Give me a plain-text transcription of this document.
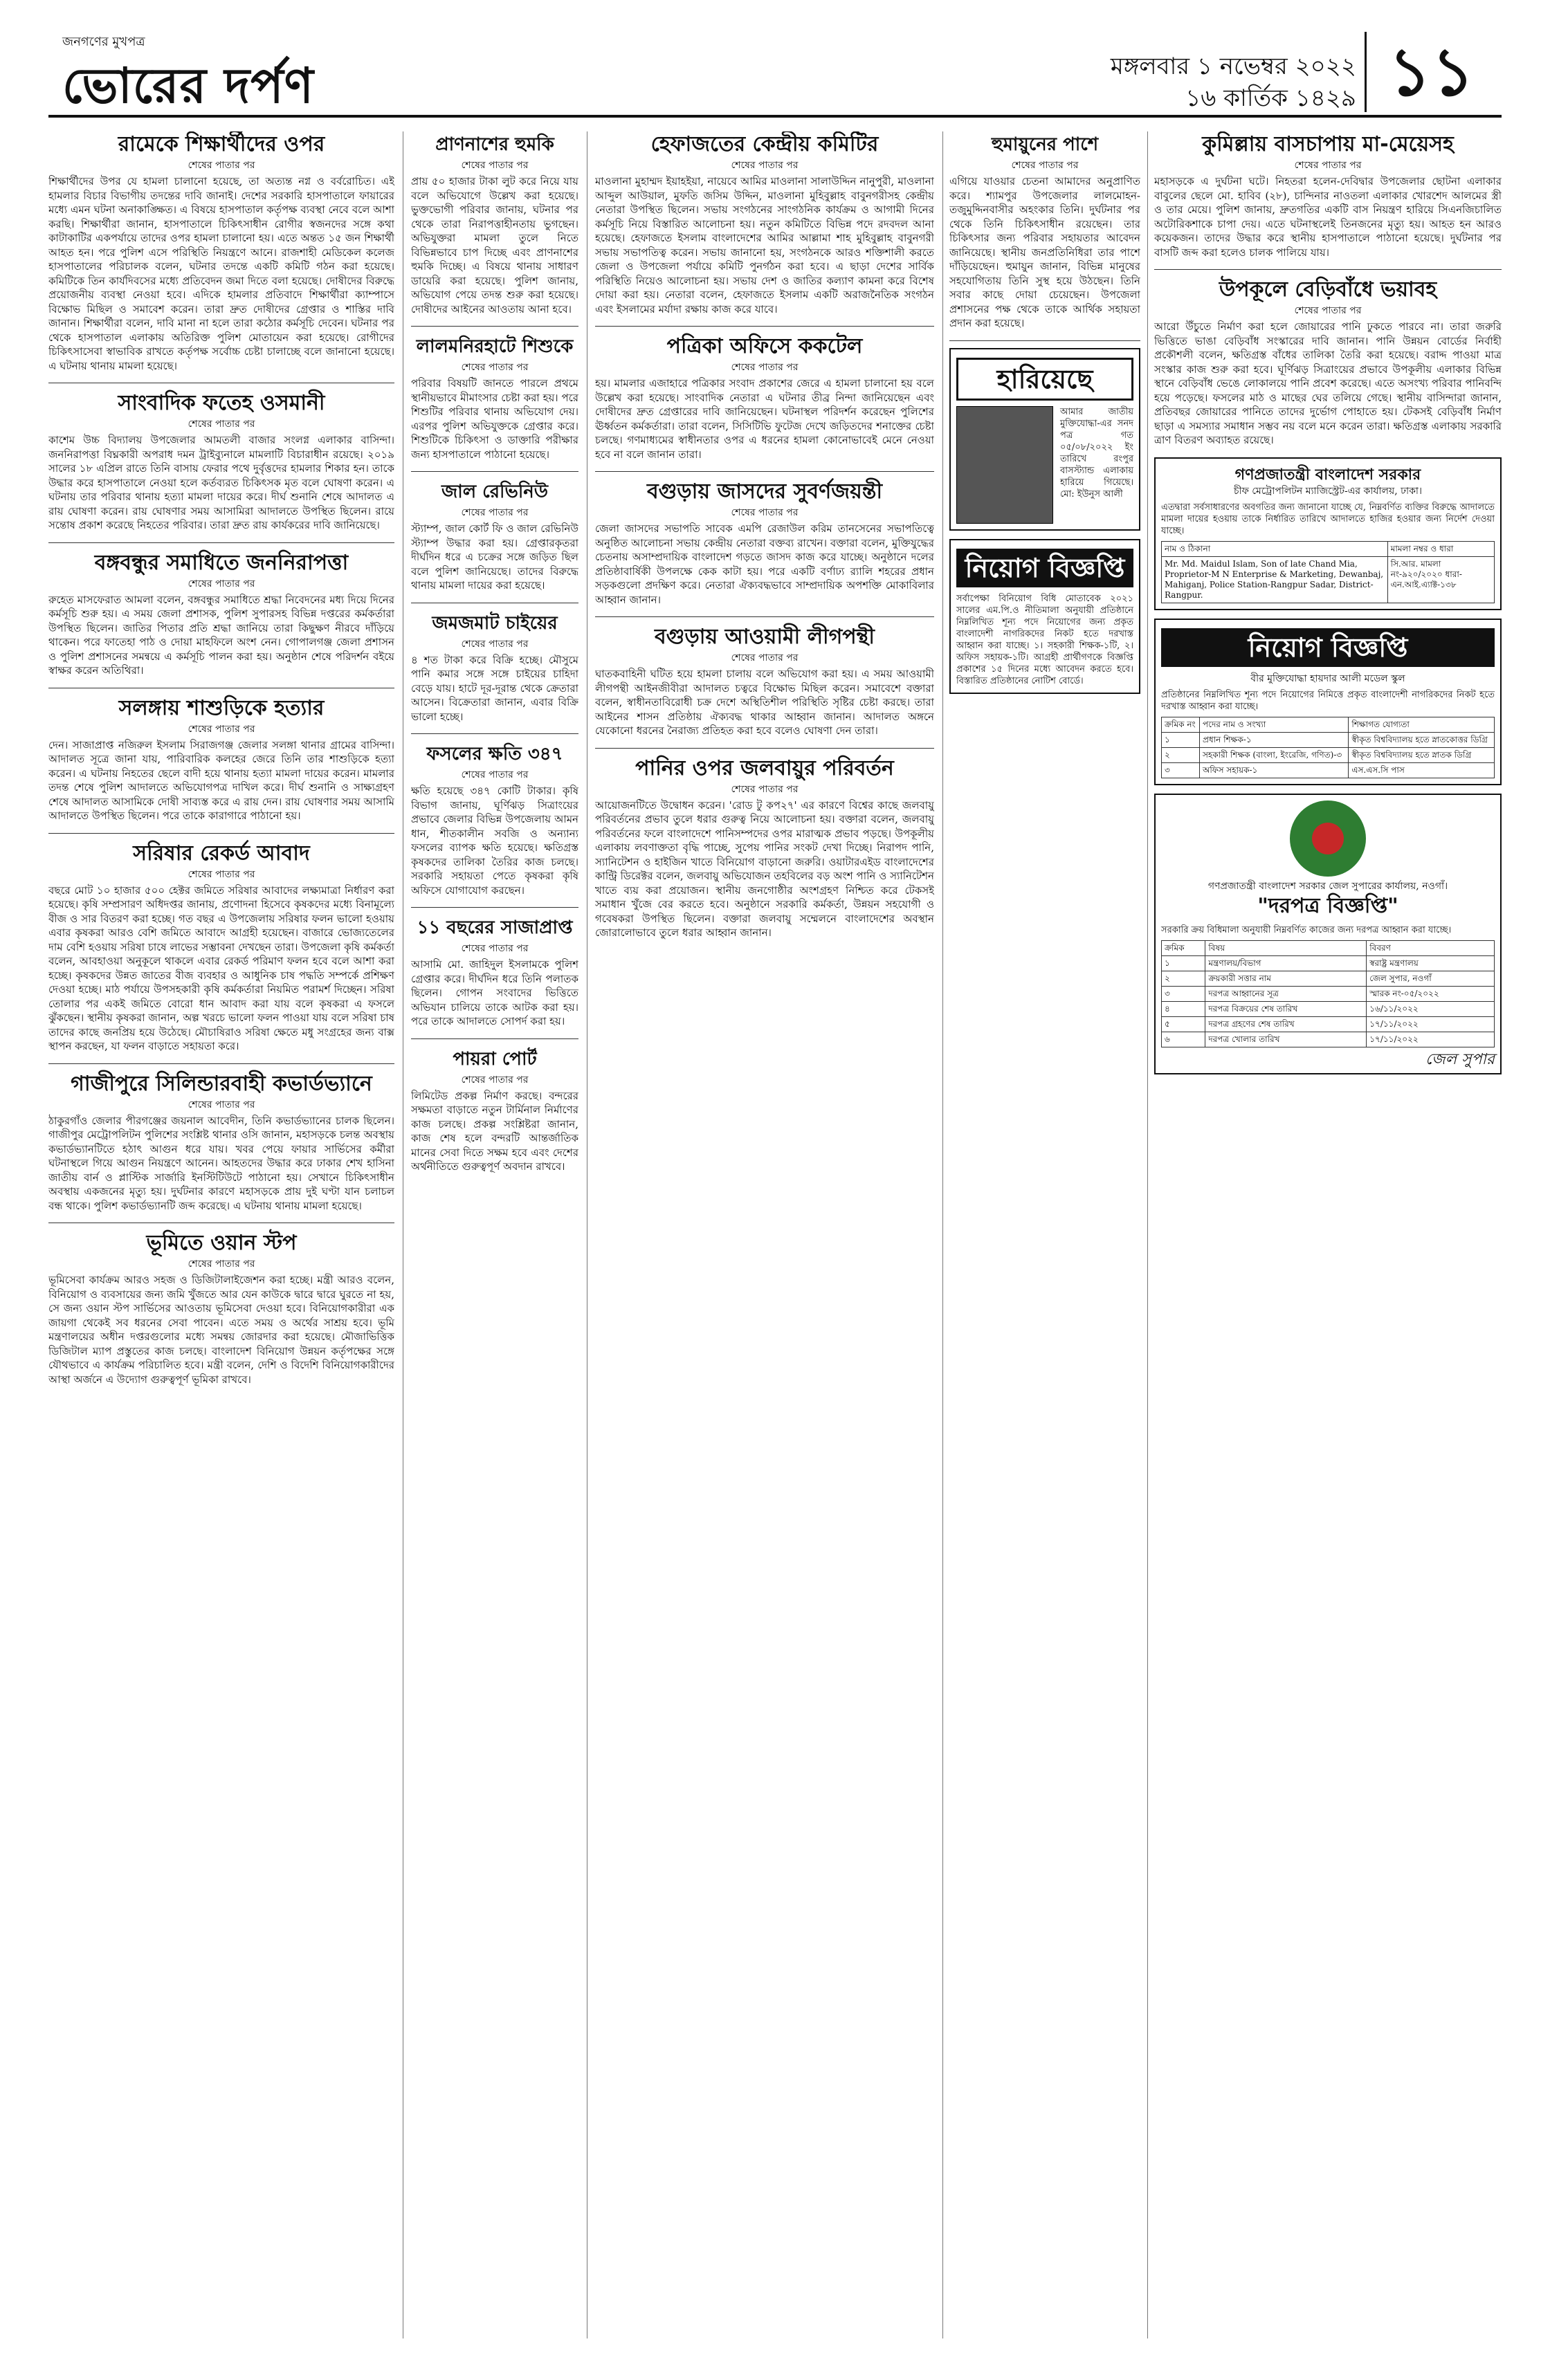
জনগণের মুখপত্র
ভোরের দর্পণ	মঙ্গলবার ১ নভেম্বর ২০২২
১৬ কার্তিক ১৪২৯ ১১
রামেকে শিক্ষার্থীদের ওপর
শেষের পাতার পর
শিক্ষার্থীদের উপর যে হামলা চালানো হয়েছে, তা অত্যন্ত নগ্ন ও বর্বরোচিত। এই হামলার বিচার বিভাগীয় তদন্তের দাবি জানাই। দেশের সরকারি হাসপাতালে ফায়ারের মধ্যে এমন ঘটনা অনাকাঙ্ক্ষিত। এ বিষয়ে হাসপাতাল কর্তৃপক্ষ ব্যবস্থা নেবে বলে আশা করছি। শিক্ষার্থীরা জানান, হাসপাতালে চিকিৎসাধীন রোগীর স্বজনদের সঙ্গে কথা কাটাকাটির একপর্যায়ে তাদের ওপর হামলা চালানো হয়। এতে অন্তত ১৫ জন শিক্ষার্থী আহত হন। পরে পুলিশ এসে পরিস্থিতি নিয়ন্ত্রণে আনে। রাজশাহী মেডিকেল কলেজ হাসপাতালের পরিচালক বলেন, ঘটনার তদন্তে একটি কমিটি গঠন করা হয়েছে। কমিটিকে তিন কার্যদিবসের মধ্যে প্রতিবেদন জমা দিতে বলা হয়েছে। দোষীদের বিরুদ্ধে প্রয়োজনীয় ব্যবস্থা নেওয়া হবে। এদিকে হামলার প্রতিবাদে শিক্ষার্থীরা ক্যাম্পাসে বিক্ষোভ মিছিল ও সমাবেশ করেন। তারা দ্রুত দোষীদের গ্রেপ্তার ও শাস্তির দাবি জানান। শিক্ষার্থীরা বলেন, দাবি মানা না হলে তারা কঠোর কর্মসূচি দেবেন। ঘটনার পর থেকে হাসপাতাল এলাকায় অতিরিক্ত পুলিশ মোতায়েন করা হয়েছে। রোগীদের চিকিৎসাসেবা স্বাভাবিক রাখতে কর্তৃপক্ষ সর্বোচ্চ চেষ্টা চালাচ্ছে বলে জানানো হয়েছে। এ ঘটনায় থানায় মামলা হয়েছে।
সাংবাদিক ফতেহ ওসমানী
শেষের পাতার পর
কাশেম উচ্চ বিদ্যালয় উপজেলার আমতলী বাজার সংলগ্ন এলাকার বাসিন্দা। জননিরাপত্তা বিঘ্নকারী অপরাধ দমন ট্রাইব্যুনালে মামলাটি বিচারাধীন রয়েছে। ২০১৯ সালের ১৮ এপ্রিল রাতে তিনি বাসায় ফেরার পথে দুর্বৃত্তদের হামলার শিকার হন। তাকে উদ্ধার করে হাসপাতালে নেওয়া হলে কর্তব্যরত চিকিৎসক মৃত বলে ঘোষণা করেন। এ ঘটনায় তার পরিবার থানায় হত্যা মামলা দায়ের করে। দীর্ঘ শুনানি শেষে আদালত এ রায় ঘোষণা করেন। রায় ঘোষণার সময় আসামিরা আদালতে উপস্থিত ছিলেন। রায়ে সন্তোষ প্রকাশ করেছে নিহতের পরিবার। তারা দ্রুত রায় কার্যকরের দাবি জানিয়েছে।
বঙ্গবন্ধুর সমাধিতে জননিরাপত্তা
শেষের পাতার পর
রুহেত মাসফেরাত আমলা বলেন, বঙ্গবন্ধুর সমাধিতে শ্রদ্ধা নিবেদনের মধ্য দিয়ে দিনের কর্মসূচি শুরু হয়। এ সময় জেলা প্রশাসক, পুলিশ সুপারসহ বিভিন্ন দপ্তরের কর্মকর্তারা উপস্থিত ছিলেন। জাতির পিতার প্রতি শ্রদ্ধা জানিয়ে তারা কিছুক্ষণ নীরবে দাঁড়িয়ে থাকেন। পরে ফাতেহা পাঠ ও দোয়া মাহফিলে অংশ নেন। গোপালগঞ্জ জেলা প্রশাসন ও পুলিশ প্রশাসনের সমন্বয়ে এ কর্মসূচি পালন করা হয়। অনুষ্ঠান শেষে পরিদর্শন বইয়ে স্বাক্ষর করেন অতিথিরা।
সলঙ্গায় শাশুড়িকে হত্যার
শেষের পাতার পর
দেন। সাজাপ্রাপ্ত নজিরুল ইসলাম সিরাজগঞ্জ জেলার সলঙ্গা থানার গ্রামের বাসিন্দা। আদালত সূত্রে জানা যায়, পারিবারিক কলহের জেরে তিনি তার শাশুড়িকে হত্যা করেন। এ ঘটনায় নিহতের ছেলে বাদী হয়ে থানায় হত্যা মামলা দায়ের করেন। মামলার তদন্ত শেষে পুলিশ আদালতে অভিযোগপত্র দাখিল করে। দীর্ঘ শুনানি ও সাক্ষ্যগ্রহণ শেষে আদালত আসামিকে দোষী সাব্যস্ত করে এ রায় দেন। রায় ঘোষণার সময় আসামি আদালতে উপস্থিত ছিলেন। পরে তাকে কারাগারে পাঠানো হয়।
সরিষার রেকর্ড আবাদ
শেষের পাতার পর
বছরে মোট ১০ হাজার ৫০০ হেক্টর জমিতে সরিষার আবাদের লক্ষ্যমাত্রা নির্ধারণ করা হয়েছে। কৃষি সম্প্রসারণ অধিদপ্তর জানায়, প্রণোদনা হিসেবে কৃষকদের মধ্যে বিনামূল্যে বীজ ও সার বিতরণ করা হচ্ছে। গত বছর এ উপজেলায় সরিষার ফলন ভালো হওয়ায় এবার কৃষকরা আরও বেশি জমিতে আবাদে আগ্রহী হয়েছেন। বাজারে ভোজ্যতেলের দাম বেশি হওয়ায় সরিষা চাষে লাভের সম্ভাবনা দেখছেন তারা। উপজেলা কৃষি কর্মকর্তা বলেন, আবহাওয়া অনুকূলে থাকলে এবার রেকর্ড পরিমাণ ফলন হবে বলে আশা করা হচ্ছে। কৃষকদের উন্নত জাতের বীজ ব্যবহার ও আধুনিক চাষ পদ্ধতি সম্পর্কে প্রশিক্ষণ দেওয়া হচ্ছে। মাঠ পর্যায়ে উপসহকারী কৃষি কর্মকর্তারা নিয়মিত পরামর্শ দিচ্ছেন। সরিষা তোলার পর একই জমিতে বোরো ধান আবাদ করা যায় বলে কৃষকরা এ ফসলে ঝুঁকছেন। স্থানীয় কৃষকরা জানান, অল্প খরচে ভালো ফলন পাওয়া যায় বলে সরিষা চাষ তাদের কাছে জনপ্রিয় হয়ে উঠেছে। মৌচাষিরাও সরিষা ক্ষেতে মধু সংগ্রহের জন্য বাক্স স্থাপন করছেন, যা ফলন বাড়াতে সহায়তা করে।
গাজীপুরে সিলিন্ডারবাহী কভার্ডভ্যানে
শেষের পাতার পর
ঠাকুরগাঁও জেলার পীরগঞ্জের জয়নাল আবেদীন, তিনি কভার্ডভ্যানের চালক ছিলেন। গাজীপুর মেট্রোপলিটন পুলিশের সংশ্লিষ্ট থানার ওসি জানান, মহাসড়কে চলন্ত অবস্থায় কভার্ডভ্যানটিতে হঠাৎ আগুন ধরে যায়। খবর পেয়ে ফায়ার সার্ভিসের কর্মীরা ঘটনাস্থলে গিয়ে আগুন নিয়ন্ত্রণে আনেন। আহতদের উদ্ধার করে ঢাকার শেখ হাসিনা জাতীয় বার্ন ও প্লাস্টিক সার্জারি ইনস্টিটিউটে পাঠানো হয়। সেখানে চিকিৎসাধীন অবস্থায় একজনের মৃত্যু হয়। দুর্ঘটনার কারণে মহাসড়কে প্রায় দুই ঘণ্টা যান চলাচল বন্ধ থাকে। পুলিশ কভার্ডভ্যানটি জব্দ করেছে। এ ঘটনায় থানায় মামলা হয়েছে।
ভূমিতে ওয়ান স্টপ
শেষের পাতার পর
ভূমিসেবা কার্যক্রম আরও সহজ ও ডিজিটালাইজেশন করা হচ্ছে। মন্ত্রী আরও বলেন, বিনিয়োগ ও ব্যবসায়ের জন্য জমি খুঁজতে আর যেন কাউকে দ্বারে দ্বারে ঘুরতে না হয়, সে জন্য ওয়ান স্টপ সার্ভিসের আওতায় ভূমিসেবা দেওয়া হবে। বিনিয়োগকারীরা এক জায়গা থেকেই সব ধরনের সেবা পাবেন। এতে সময় ও অর্থের সাশ্রয় হবে। ভূমি মন্ত্রণালয়ের অধীন দপ্তরগুলোর মধ্যে সমন্বয় জোরদার করা হয়েছে। মৌজাভিত্তিক ডিজিটাল ম্যাপ প্রস্তুতের কাজ চলছে। বাংলাদেশ বিনিয়োগ উন্নয়ন কর্তৃপক্ষের সঙ্গে যৌথভাবে এ কার্যক্রম পরিচালিত হবে। মন্ত্রী বলেন, দেশি ও বিদেশি বিনিয়োগকারীদের আস্থা অর্জনে এ উদ্যোগ গুরুত্বপূর্ণ ভূমিকা রাখবে।
প্রাণনাশের হুমকি
শেষের পাতার পর
প্রায় ৫০ হাজার টাকা লুট করে নিয়ে যায় বলে অভিযোগে উল্লেখ করা হয়েছে। ভুক্তভোগী পরিবার জানায়, ঘটনার পর থেকে তারা নিরাপত্তাহীনতায় ভুগছেন। অভিযুক্তরা মামলা তুলে নিতে বিভিন্নভাবে চাপ দিচ্ছে এবং প্রাণনাশের হুমকি দিচ্ছে। এ বিষয়ে থানায় সাধারণ ডায়েরি করা হয়েছে। পুলিশ জানায়, অভিযোগ পেয়ে তদন্ত শুরু করা হয়েছে। দোষীদের আইনের আওতায় আনা হবে।
লালমনিরহাটে শিশুকে
শেষের পাতার পর
পরিবার বিষয়টি জানতে পারলে প্রথমে স্থানীয়ভাবে মীমাংসার চেষ্টা করা হয়। পরে শিশুটির পরিবার থানায় অভিযোগ দেয়। এরপর পুলিশ অভিযুক্তকে গ্রেপ্তার করে। শিশুটিকে চিকিৎসা ও ডাক্তারি পরীক্ষার জন্য হাসপাতালে পাঠানো হয়েছে।
জাল রেভিনিউ
শেষের পাতার পর
স্ট্যাম্প, জাল কোর্ট ফি ও জাল রেভিনিউ স্ট্যাম্প উদ্ধার করা হয়। গ্রেপ্তারকৃতরা দীর্ঘদিন ধরে এ চক্রের সঙ্গে জড়িত ছিল বলে পুলিশ জানিয়েছে। তাদের বিরুদ্ধে থানায় মামলা দায়ের করা হয়েছে।
জমজমাট চাইয়ের
শেষের পাতার পর
৪ শত টাকা করে বিক্রি হচ্ছে। মৌসুমে পানি কমার সঙ্গে সঙ্গে চাইয়ের চাহিদা বেড়ে যায়। হাটে দূর-দূরান্ত থেকে ক্রেতারা আসেন। বিক্রেতারা জানান, এবার বিক্রি ভালো হচ্ছে।
ফসলের ক্ষতি ৩৪৭
শেষের পাতার পর
ক্ষতি হয়েছে ৩৪৭ কোটি টাকার। কৃষি বিভাগ জানায়, ঘূর্ণিঝড় সিত্রাংয়ের প্রভাবে জেলার বিভিন্ন উপজেলায় আমন ধান, শীতকালীন সবজি ও অন্যান্য ফসলের ব্যাপক ক্ষতি হয়েছে। ক্ষতিগ্রস্ত কৃষকদের তালিকা তৈরির কাজ চলছে। সরকারি সহায়তা পেতে কৃষকরা কৃষি অফিসে যোগাযোগ করছেন।
১১ বছরের সাজাপ্রাপ্ত
শেষের পাতার পর
আসামি মো. জাহিদুল ইসলামকে পুলিশ গ্রেপ্তার করে। দীর্ঘদিন ধরে তিনি পলাতক ছিলেন। গোপন সংবাদের ভিত্তিতে অভিযান চালিয়ে তাকে আটক করা হয়। পরে তাকে আদালতে সোপর্দ করা হয়।
পায়রা পোর্ট
শেষের পাতার পর
লিমিটেড প্রকল্প নির্মাণ করছে। বন্দরের সক্ষমতা বাড়াতে নতুন টার্মিনাল নির্মাণের কাজ চলছে। প্রকল্প সংশ্লিষ্টরা জানান, কাজ শেষ হলে বন্দরটি আন্তর্জাতিক মানের সেবা দিতে সক্ষম হবে এবং দেশের অর্থনীতিতে গুরুত্বপূর্ণ অবদান রাখবে।
হেফাজতের কেন্দ্রীয় কমিটির
শেষের পাতার পর
মাওলানা মুহাম্মদ ইয়াহইয়া, নায়েবে আমির মাওলানা সালাউদ্দিন নানুপুরী, মাওলানা আব্দুল আউয়াল, মুফতি জসিম উদ্দিন, মাওলানা মুহিবুল্লাহ বাবুনগরীসহ কেন্দ্রীয় নেতারা উপস্থিত ছিলেন। সভায় সংগঠনের সাংগঠনিক কার্যক্রম ও আগামী দিনের কর্মসূচি নিয়ে বিস্তারিত আলোচনা হয়। নতুন কমিটিতে বিভিন্ন পদে রদবদল আনা হয়েছে। হেফাজতে ইসলাম বাংলাদেশের আমির আল্লামা শাহ মুহিবুল্লাহ বাবুনগরী সভায় সভাপতিত্ব করেন। সভায় জানানো হয়, সংগঠনকে আরও শক্তিশালী করতে জেলা ও উপজেলা পর্যায়ে কমিটি পুনর্গঠন করা হবে। এ ছাড়া দেশের সার্বিক পরিস্থিতি নিয়েও আলোচনা হয়। সভায় দেশ ও জাতির কল্যাণ কামনা করে বিশেষ দোয়া করা হয়। নেতারা বলেন, হেফাজতে ইসলাম একটি অরাজনৈতিক সংগঠন এবং ইসলামের মর্যাদা রক্ষায় কাজ করে যাবে।
পত্রিকা অফিসে ককটেল
শেষের পাতার পর
হয়। মামলার এজাহারে পত্রিকার সংবাদ প্রকাশের জেরে এ হামলা চালানো হয় বলে উল্লেখ করা হয়েছে। সাংবাদিক নেতারা এ ঘটনার তীব্র নিন্দা জানিয়েছেন এবং দোষীদের দ্রুত গ্রেপ্তারের দাবি জানিয়েছেন। ঘটনাস্থল পরিদর্শন করেছেন পুলিশের ঊর্ধ্বতন কর্মকর্তারা। তারা বলেন, সিসিটিভি ফুটেজ দেখে জড়িতদের শনাক্তের চেষ্টা চলছে। গণমাধ্যমের স্বাধীনতার ওপর এ ধরনের হামলা কোনোভাবেই মেনে নেওয়া হবে না বলে জানান তারা।
বগুড়ায় জাসদের সুবর্ণজয়ন্তী
শেষের পাতার পর
জেলা জাসদের সভাপতি সাবেক এমপি রেজাউল করিম তানসেনের সভাপতিত্বে অনুষ্ঠিত আলোচনা সভায় কেন্দ্রীয় নেতারা বক্তব্য রাখেন। বক্তারা বলেন, মুক্তিযুদ্ধের চেতনায় অসাম্প্রদায়িক বাংলাদেশ গড়তে জাসদ কাজ করে যাচ্ছে। অনুষ্ঠানে দলের প্রতিষ্ঠাবার্ষিকী উপলক্ষে কেক কাটা হয়। পরে একটি বর্ণাঢ্য র‌্যালি শহরের প্রধান সড়কগুলো প্রদক্ষিণ করে। নেতারা ঐক্যবদ্ধভাবে সাম্প্রদায়িক অপশক্তি মোকাবিলার আহ্বান জানান।
বগুড়ায় আওয়ামী লীগপন্থী
শেষের পাতার পর
ঘাতকবাহিনী ঘটিত হয়ে হামলা চালায় বলে অভিযোগ করা হয়। এ সময় আওয়ামী লীগপন্থী আইনজীবীরা আদালত চত্বরে বিক্ষোভ মিছিল করেন। সমাবেশে বক্তারা বলেন, স্বাধীনতাবিরোধী চক্র দেশে অস্থিতিশীল পরিস্থিতি সৃষ্টির চেষ্টা করছে। তারা আইনের শাসন প্রতিষ্ঠায় ঐক্যবদ্ধ থাকার আহ্বান জানান। আদালত অঙ্গনে যেকোনো ধরনের নৈরাজ্য প্রতিহত করা হবে বলেও ঘোষণা দেন তারা।
পানির ওপর জলবায়ুর পরিবর্তন
শেষের পাতার পর
আয়োজনটিতে উদ্বোধন করেন। 'রোড টু কপ২৭' এর কারণে বিশ্বের কাছে জলবায়ু পরিবর্তনের প্রভাব তুলে ধরার গুরুত্ব নিয়ে আলোচনা হয়। বক্তারা বলেন, জলবায়ু পরিবর্তনের ফলে বাংলাদেশে পানিসম্পদের ওপর মারাত্মক প্রভাব পড়ছে। উপকূলীয় এলাকায় লবণাক্ততা বৃদ্ধি পাচ্ছে, সুপেয় পানির সংকট দেখা দিচ্ছে। নিরাপদ পানি, স্যানিটেশন ও হাইজিন খাতে বিনিয়োগ বাড়ানো জরুরি। ওয়াটারএইড বাংলাদেশের কান্ট্রি ডিরেক্টর বলেন, জলবায়ু অভিযোজন তহবিলের বড় অংশ পানি ও স্যানিটেশন খাতে ব্যয় করা প্রয়োজন। স্থানীয় জনগোষ্ঠীর অংশগ্রহণ নিশ্চিত করে টেকসই সমাধান খুঁজে বের করতে হবে। অনুষ্ঠানে সরকারি কর্মকর্তা, উন্নয়ন সহযোগী ও গবেষকরা উপস্থিত ছিলেন। বক্তারা জলবায়ু সম্মেলনে বাংলাদেশের অবস্থান জোরালোভাবে তুলে ধরার আহ্বান জানান।
হুমায়ুনের পাশে
শেষের পাতার পর
এগিয়ে যাওয়ার চেতনা আমাদের অনুপ্রাণিত করে। শ্যামপুর উপজেলার লালমোহন-তজুমুদ্দিনবাসীর অহংকার তিনি। দুর্ঘটনার পর থেকে তিনি চিকিৎসাধীন রয়েছেন। তার চিকিৎসার জন্য পরিবার সহায়তার আবেদন জানিয়েছে। স্থানীয় জনপ্রতিনিধিরা তার পাশে দাঁড়িয়েছেন। হুমায়ুন জানান, বিভিন্ন মানুষের সহযোগিতায় তিনি সুস্থ হয়ে উঠছেন। তিনি সবার কাছে দোয়া চেয়েছেন। উপজেলা প্রশাসনের পক্ষ থেকে তাকে আর্থিক সহায়তা প্রদান করা হয়েছে।
হারিয়েছে
আমার জাতীয় মুক্তিযোদ্ধা-এর সনদ পত্র গত ০৫/০৮/২০২২ ইং তারিখে রংপুর বাসস্ট্যান্ড এলাকায় হারিয়ে গিয়েছে। মো: ইউনুস আলী
নিয়োগ বিজ্ঞপ্তি
সর্বাপেক্ষা বিনিয়োগ বিধি মোতাবেক ২০২১ সালের এম.পি.ও নীতিমালা অনুযায়ী প্রতিষ্ঠানে নিম্নলিখিত শূন্য পদে নিয়োগের জন্য প্রকৃত বাংলাদেশী নাগরিকদের নিকট হতে দরখাস্ত আহ্বান করা যাচ্ছে। ১। সহকারী শিক্ষক-১টি, ২। অফিস সহায়ক-১টি। আগ্রহী প্রার্থীগণকে বিজ্ঞপ্তি প্রকাশের ১৫ দিনের মধ্যে আবেদন করতে হবে। বিস্তারিত প্রতিষ্ঠানের নোটিশ বোর্ডে।
কুমিল্লায় বাসচাপায় মা-মেয়েসহ
শেষের পাতার পর
মহাসড়কে এ দুর্ঘটনা ঘটে। নিহতরা হলেন-দেবিদ্বার উপজেলার ছোটনা এলাকার বাবুলের ছেলে মো. হাবিব (২৮), চান্দিনার নাওতলা এলাকার খোরশেদ আলমের স্ত্রী ও তার মেয়ে। পুলিশ জানায়, দ্রুতগতির একটি বাস নিয়ন্ত্রণ হারিয়ে সিএনজিচালিত অটোরিকশাকে চাপা দেয়। এতে ঘটনাস্থলেই তিনজনের মৃত্যু হয়। আহত হন আরও কয়েকজন। তাদের উদ্ধার করে স্থানীয় হাসপাতালে পাঠানো হয়েছে। দুর্ঘটনার পর বাসটি জব্দ করা হলেও চালক পালিয়ে যায়।
উপকূলে বেড়িবাঁধে ভয়াবহ
শেষের পাতার পর
আরো উঁচুতে নির্মাণ করা হলে জোয়ারের পানি ঢুকতে পারবে না। তারা জরুরি ভিত্তিতে ভাঙা বেড়িবাঁধ সংস্কারের দাবি জানান। পানি উন্নয়ন বোর্ডের নির্বাহী প্রকৌশলী বলেন, ক্ষতিগ্রস্ত বাঁধের তালিকা তৈরি করা হয়েছে। বরাদ্দ পাওয়া মাত্র সংস্কার কাজ শুরু করা হবে। ঘূর্ণিঝড় সিত্রাংয়ের প্রভাবে উপকূলীয় এলাকার বিভিন্ন স্থানে বেড়িবাঁধ ভেঙে লোকালয়ে পানি প্রবেশ করেছে। এতে অসংখ্য পরিবার পানিবন্দি হয়ে পড়েছে। ফসলের মাঠ ও মাছের ঘের তলিয়ে গেছে। স্থানীয় বাসিন্দারা জানান, প্রতিবছর জোয়ারের পানিতে তাদের দুর্ভোগ পোহাতে হয়। টেকসই বেড়িবাঁধ নির্মাণ ছাড়া এ সমস্যার সমাধান সম্ভব নয় বলে মনে করেন তারা। ক্ষতিগ্রস্ত এলাকায় সরকারি ত্রাণ বিতরণ অব্যাহত রয়েছে।
গণপ্রজাতন্ত্রী বাংলাদেশ সরকার
চীফ মেট্রোপলিটন ম্যাজিস্ট্রেট-এর কার্যালয়, ঢাকা।
এতদ্বারা সর্বসাধারণের অবগতির জন্য জানানো যাচ্ছে যে, নিম্নবর্ণিত ব্যক্তির বিরুদ্ধে আদালতে মামলা দায়ের হওয়ায় তাকে নির্ধারিত তারিখে আদালতে হাজির হওয়ার জন্য নির্দেশ দেওয়া যাচ্ছে।
নাম ও ঠিকানা	মামলা নম্বর ও ধারা
Mr. Md. Maidul Islam, Son of late Chand Mia, Proprietor-M N Enterprise & Marketing, Dewanbaj, Mahiganj, Police Station-Rangpur Sadar, District-Rangpur.	সি.আর. মামলা নং-৯২০/২০২০ ধারা-এন.আই.এ্যাক্ট-১৩৮
নিয়োগ বিজ্ঞপ্তি
বীর মুক্তিযোদ্ধা হায়দার আলী মডেল স্কুল
প্রতিষ্ঠানের নিম্নলিখিত শূন্য পদে নিয়োগের নিমিত্তে প্রকৃত বাংলাদেশী নাগরিকদের নিকট হতে দরখাস্ত আহ্বান করা যাচ্ছে।
ক্রমিক নং	পদের নাম ও সংখ্যা	শিক্ষাগত যোগ্যতা
১	প্রধান শিক্ষক-১	স্বীকৃত বিশ্ববিদ্যালয় হতে স্নাতকোত্তর ডিগ্রি
২	সহকারী শিক্ষক (বাংলা, ইংরেজি, গণিত)-৩	স্বীকৃত বিশ্ববিদ্যালয় হতে স্নাতক ডিগ্রি
৩	অফিস সহায়ক-১	এস.এস.সি পাস
গণপ্রজাতন্ত্রী বাংলাদেশ সরকার জেল সুপারের কার্যালয়, নওগাঁ।
"দরপত্র বিজ্ঞপ্তি"
সরকারি ক্রয় বিধিমালা অনুযায়ী নিম্নবর্ণিত কাজের জন্য দরপত্র আহ্বান করা যাচ্ছে।
ক্রমিক	বিষয়	বিবরণ
১	মন্ত্রণালয়/বিভাগ	স্বরাষ্ট্র মন্ত্রণালয়
২	ক্রয়কারী সত্তার নাম	জেল সুপার, নওগাঁ
৩	দরপত্র আহ্বানের সূত্র	স্মারক নং-০৫/২০২২
৪	দরপত্র বিক্রয়ের শেষ তারিখ	১৬/১১/২০২২
৫	দরপত্র গ্রহণের শেষ তারিখ	১৭/১১/২০২২
৬	দরপত্র খোলার তারিখ	১৭/১১/২০২২
জেল সুপার
